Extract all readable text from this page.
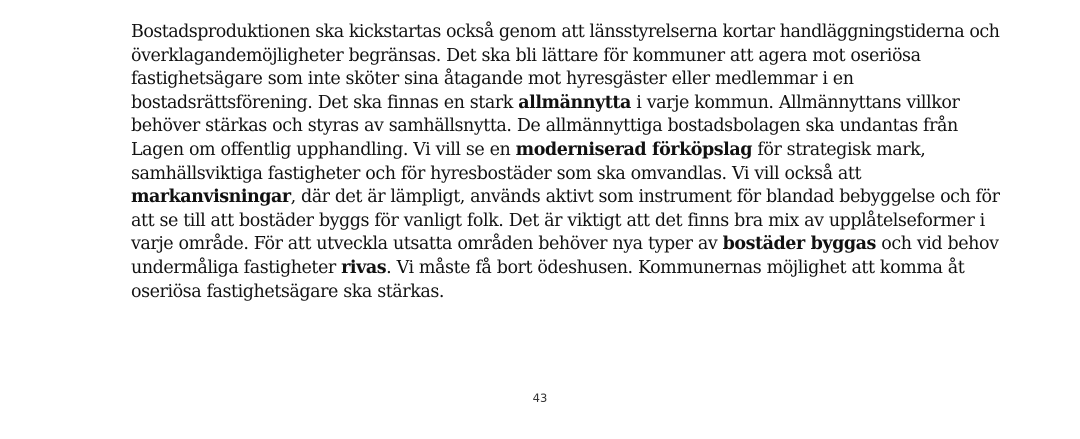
Bostadsproduktionen ska kickstartas också genom att länsstyrelserna kortar handläggningstiderna och
överklagandemöjligheter begränsas. Det ska bli lättare för kommuner att agera mot oseriösa
fastighetsägare som inte sköter sina åtagande mot hyresgäster eller medlemmar i en
bostadsrättsförening. Det ska finnas en stark allmännytta i varje kommun. Allmännyttans villkor
behöver stärkas och styras av samhällsnytta. De allmännyttiga bostadsbolagen ska undantas från
Lagen om offentlig upphandling. Vi vill se en moderniserad förköpslag för strategisk mark,
samhällsviktiga fastigheter och för hyresbostäder som ska omvandlas. Vi vill också att
markanvisningar, där det är lämpligt, används aktivt som instrument för blandad bebyggelse och för
att se till att bostäder byggs för vanligt folk. Det är viktigt att det finns bra mix av upplåtelseformer i
varje område. För att utveckla utsatta områden behöver nya typer av bostäder byggas och vid behov
undermåliga fastigheter rivas. Vi måste få bort ödeshusen. Kommunernas möjlighet att komma åt
oseriösa fastighetsägare ska stärkas.

43
